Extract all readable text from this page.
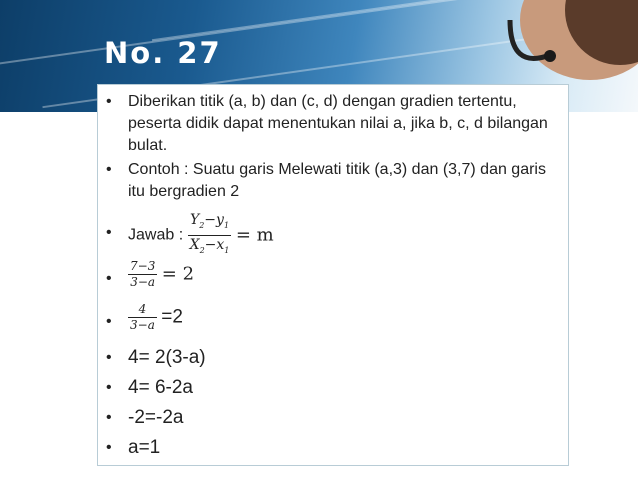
No. 27
• Diberikan titik (a, b) dan (c, d) dengan gradien tertentu, peserta didik dapat menentukan nilai a, jika b, c, d bilangan bulat.
• Contoh : Suatu garis Melewati titik (a,3) dan (3,7) dan garis itu bergradien 2
• Jawab : $\frac{Y_2-y_1}{X_2-x_1} = m$
• $\frac{7-3}{3-a} = 2$
• $\frac{4}{3-a} =2$
• 4= 2(3-a)
• 4= 6-2a
• -2=-2a
• a=1
